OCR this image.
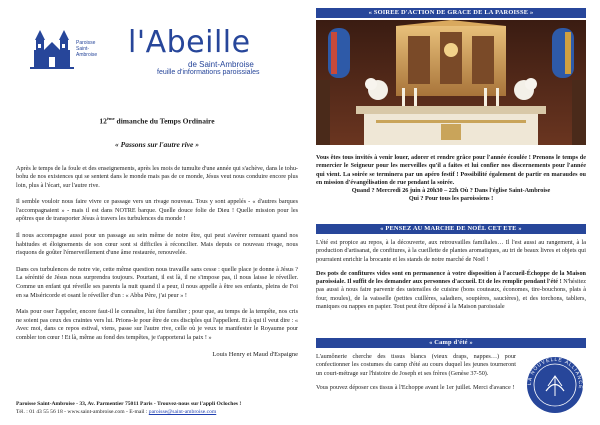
Paroisse
Saint-Ambroise l'Abeille
de Saint-Ambroise
feuille d'informations paroissiales
12ème dimanche du Temps Ordinaire
« Passons sur l'autre rive »

Après le temps de la foule et des enseignements, après les mois de tumulte d'une année qui s'achève, dans le tohu-bohu de nos existences qui se sentent dans le monde mais pas de ce monde, Jésus veut nous conduire encore plus loin, plus à l'écart, sur l'autre rive.

Il semble vouloir nous faire vivre ce passage vers un rivage nouveau. Tous y sont appelés - « d'autres barques l'accompagnaient » - mais il est dans NOTRE barque. Quelle douce folie de Dieu ! Quelle mission pour les apôtres que de transporter Jésus à travers les turbulences du monde !

Il nous accompagne aussi pour un passage au sein même de notre être, qui peut s'avérer remuant quand nos habitudes et éloignements de son cœur sont si difficiles à réconcilier. Mais depuis ce nouveau rivage, nous risquons de goûter l'émerveillement d'une âme restaurée, renouvelée.

Dans ces turbulences de notre vie, cette même question nous travaille sans cesse : quelle place je donne à Jésus ? La sérénité de Jésus nous surprendra toujours. Pourtant, il est là, il ne s'impose pas, il nous laisse le réveiller. Comme un enfant qui réveille ses parents la nuit quand il a peur, il nous appelle à être ses enfants, pleins de Foi en sa Miséricorde et osant le réveiller d'un : « Abba Père, j'ai peur » !

Mais pour oser l'appeler, encore faut-il le connaître, lui être familier ; pour que, au temps de la tempête, nos cris ne soient pas ceux des craintes vers lui. Prions-le pour être de ces disciples qui l'appellent. Et à qui il veut dire : « Avec moi, dans ce repos estival, viens, passe sur l'autre rive, celle où je veux te manifester le Royaume pour combler ton cœur ! Et là, même au fond des tempêtes, je t'apporterai la paix ! »

Louis Henry et Maud d'Espaigne
Paroisse Saint-Ambroise - 33, Av. Parmentier 75011 Paris - Trouvez-nous sur l'appli Ocloches !
Tél. : 01 43 55 56 18 - www.saint-ambroise.com - E-mail : paroisse@saint-ambroise.com
« SOIREE D'ACTION DE GRACE DE LA PAROISSE »

Vous êtes tous invités à venir louer, adorer et rendre grâce pour l'année écoulée ! Prenons le temps de remercier le Seigneur pour les merveilles qu'il a faites et lui confier nos discernements pour l'année qui vient. La soirée se terminera par un apéro festif ! Possibilité également de partir en maraudes ou en mission d'évangélisation de rue pendant la soirée.

Quand ? Mercredi 26 juin à 20h30 – 22h Où ? Dans l'église Saint-Ambroise

Qui ? Pour tous les paroissiens !

« PENSEZ AU MARCHE DE NOËL CET ETE »

L'été est propice au repos, à la découverte, aux retrouvailles familiales… Il l'est aussi au rangement, à la production d'artisanat, de confitures, à la cueillette de plantes aromatiques, au tri de beaux livres et objets qui pourraient enrichir la brocante et les stands de notre marché de Noël !

Des pots de confitures vides sont en permanence à votre disposition à l'accueil-Échoppe de la Maison paroissiale. Il suffit de les demander aux personnes d'accueil. Et de les remplir pendant l'été ! N'hésitez pas aussi à nous faire parvenir des ustensiles de cuisine (bons couteaux, économes, tire-bouchons, plats à four, moules), de la vaisselle (petites cuillères, saladiers, soupières, saucières), et des torchons, tabliers, maniques ou nappes en papier. Tout peut être déposé à la Maison paroissiale

« Camp d'été »

L'aumônerie cherche des tissus blancs (vieux draps, nappes…) pour confectionner les costumes du camp d'été au cours duquel les jeunes tourneront un court-métrage sur l'histoire de Joseph et ses frères (Genèse 37-50).

Vous pouvez déposer ces tissus à l'Echoppe avant le 1er juillet. Merci d'avance !

LA NOUVELLE ALLIANCE
